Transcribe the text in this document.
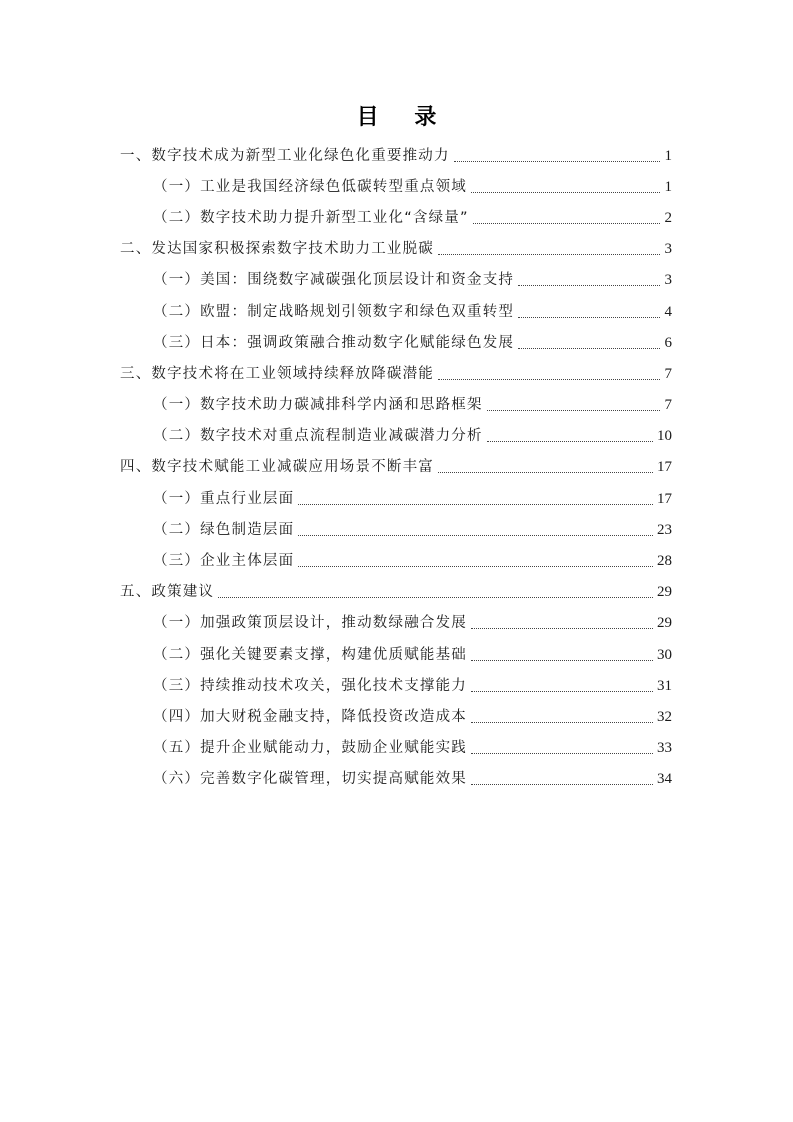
目 录
一、数字技术成为新型工业化绿色化重要推动力	1
（一）工业是我国经济绿色低碳转型重点领域	1
（二）数字技术助力提升新型工业化“含绿量”	2
二、发达国家积极探索数字技术助力工业脱碳	3
（一）美国：围绕数字减碳强化顶层设计和资金支持	3
（二）欧盟：制定战略规划引领数字和绿色双重转型	4
（三）日本：强调政策融合推动数字化赋能绿色发展	6
三、数字技术将在工业领域持续释放降碳潜能	7
（一）数字技术助力碳减排科学内涵和思路框架	7
（二）数字技术对重点流程制造业减碳潜力分析	10
四、数字技术赋能工业减碳应用场景不断丰富	17
（一）重点行业层面	17
（二）绿色制造层面	23
（三）企业主体层面	28
五、政策建议	29
（一）加强政策顶层设计，推动数绿融合发展	29
（二）强化关键要素支撑，构建优质赋能基础	30
（三）持续推动技术攻关，强化技术支撑能力	31
（四）加大财税金融支持，降低投资改造成本	32
（五）提升企业赋能动力，鼓励企业赋能实践	33
（六）完善数字化碳管理，切实提高赋能效果	34
